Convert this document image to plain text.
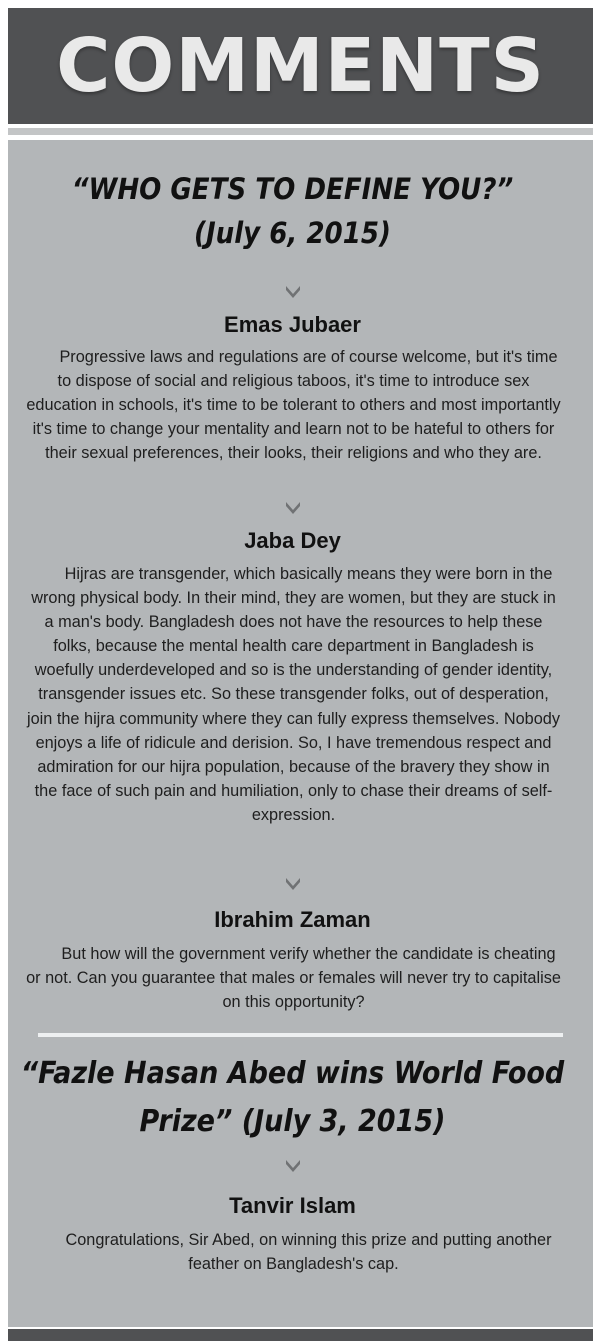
COMMENTS
“WHO GETS TO DEFINE YOU?”
(July 6, 2015)
Emas Jubaer
Progressive laws and regulations are of course welcome, but it's time to dispose of social and religious taboos, it's time to introduce sex education in schools, it's time to be tolerant to others and most importantly it's time to change your mentality and learn not to be hateful to others for their sexual preferences, their looks, their religions and who they are.
Jaba Dey
Hijras are transgender, which basically means they were born in the wrong physical body. In their mind, they are women, but they are stuck in a man's body. Bangladesh does not have the resources to help these folks, because the mental health care department in Bangladesh is woefully underdeveloped and so is the understanding of gender identity, transgender issues etc. So these transgender folks, out of desperation, join the hijra community where they can fully express themselves. Nobody enjoys a life of ridicule and derision. So, I have tremendous respect and admiration for our hijra population, because of the bravery they show in the face of such pain and humiliation, only to chase their dreams of self-expression.
Ibrahim Zaman
But how will the government verify whether the candidate is cheating or not. Can you guarantee that males or females will never try to capitalise on this opportunity?
“Fazle Hasan Abed wins World Food
Prize” (July 3, 2015)
Tanvir Islam
Congratulations, Sir Abed, on winning this prize and putting another feather on Bangladesh's cap.
